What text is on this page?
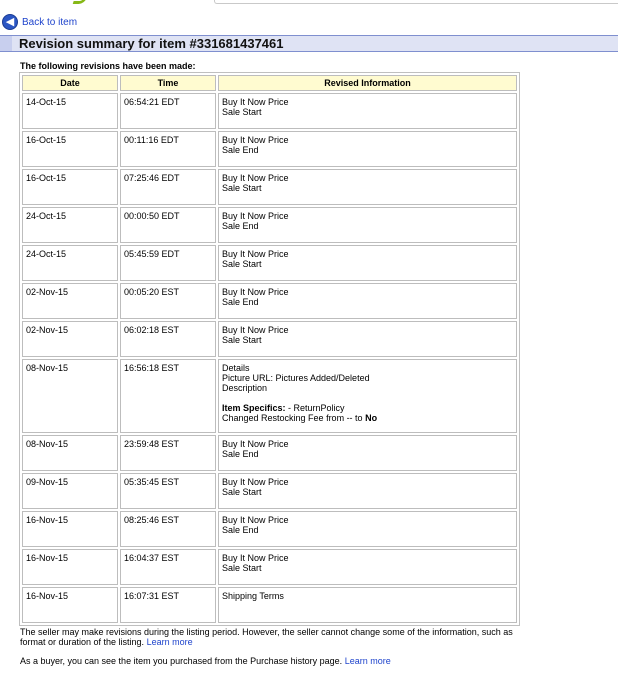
◀ Back to item
Revision summary for item #331681437461
The following revisions have been made:
Date	Time	Revised Information
14-Oct-15	06:54:21 EDT	Buy It Now Price
Sale Start

16-Oct-15	00:11:16 EDT	Buy It Now Price
Sale End

16-Oct-15	07:25:46 EDT	Buy It Now Price
Sale Start

24-Oct-15	00:00:50 EDT	Buy It Now Price
Sale End

24-Oct-15	05:45:59 EDT	Buy It Now Price
Sale Start

02-Nov-15	00:05:20 EST	Buy It Now Price
Sale End

02-Nov-15	06:02:18 EST	Buy It Now Price
Sale Start

08-Nov-15	16:56:18 EST	Details
Picture URL: Pictures Added/Deleted
Description
Item Specifics: - ReturnPolicy
Changed Restocking Fee from -- to No

08-Nov-15	23:59:48 EST	Buy It Now Price
Sale End

09-Nov-15	05:35:45 EST	Buy It Now Price
Sale Start

16-Nov-15	08:25:46 EST	Buy It Now Price
Sale End

16-Nov-15	16:04:37 EST	Buy It Now Price
Sale Start

16-Nov-15	16:07:31 EST	Shipping Terms
The seller may make revisions during the listing period. However, the seller cannot change some of the information, such as format or duration of the listing. Learn more
As a buyer, you can see the item you purchased from the Purchase history page. Learn more
